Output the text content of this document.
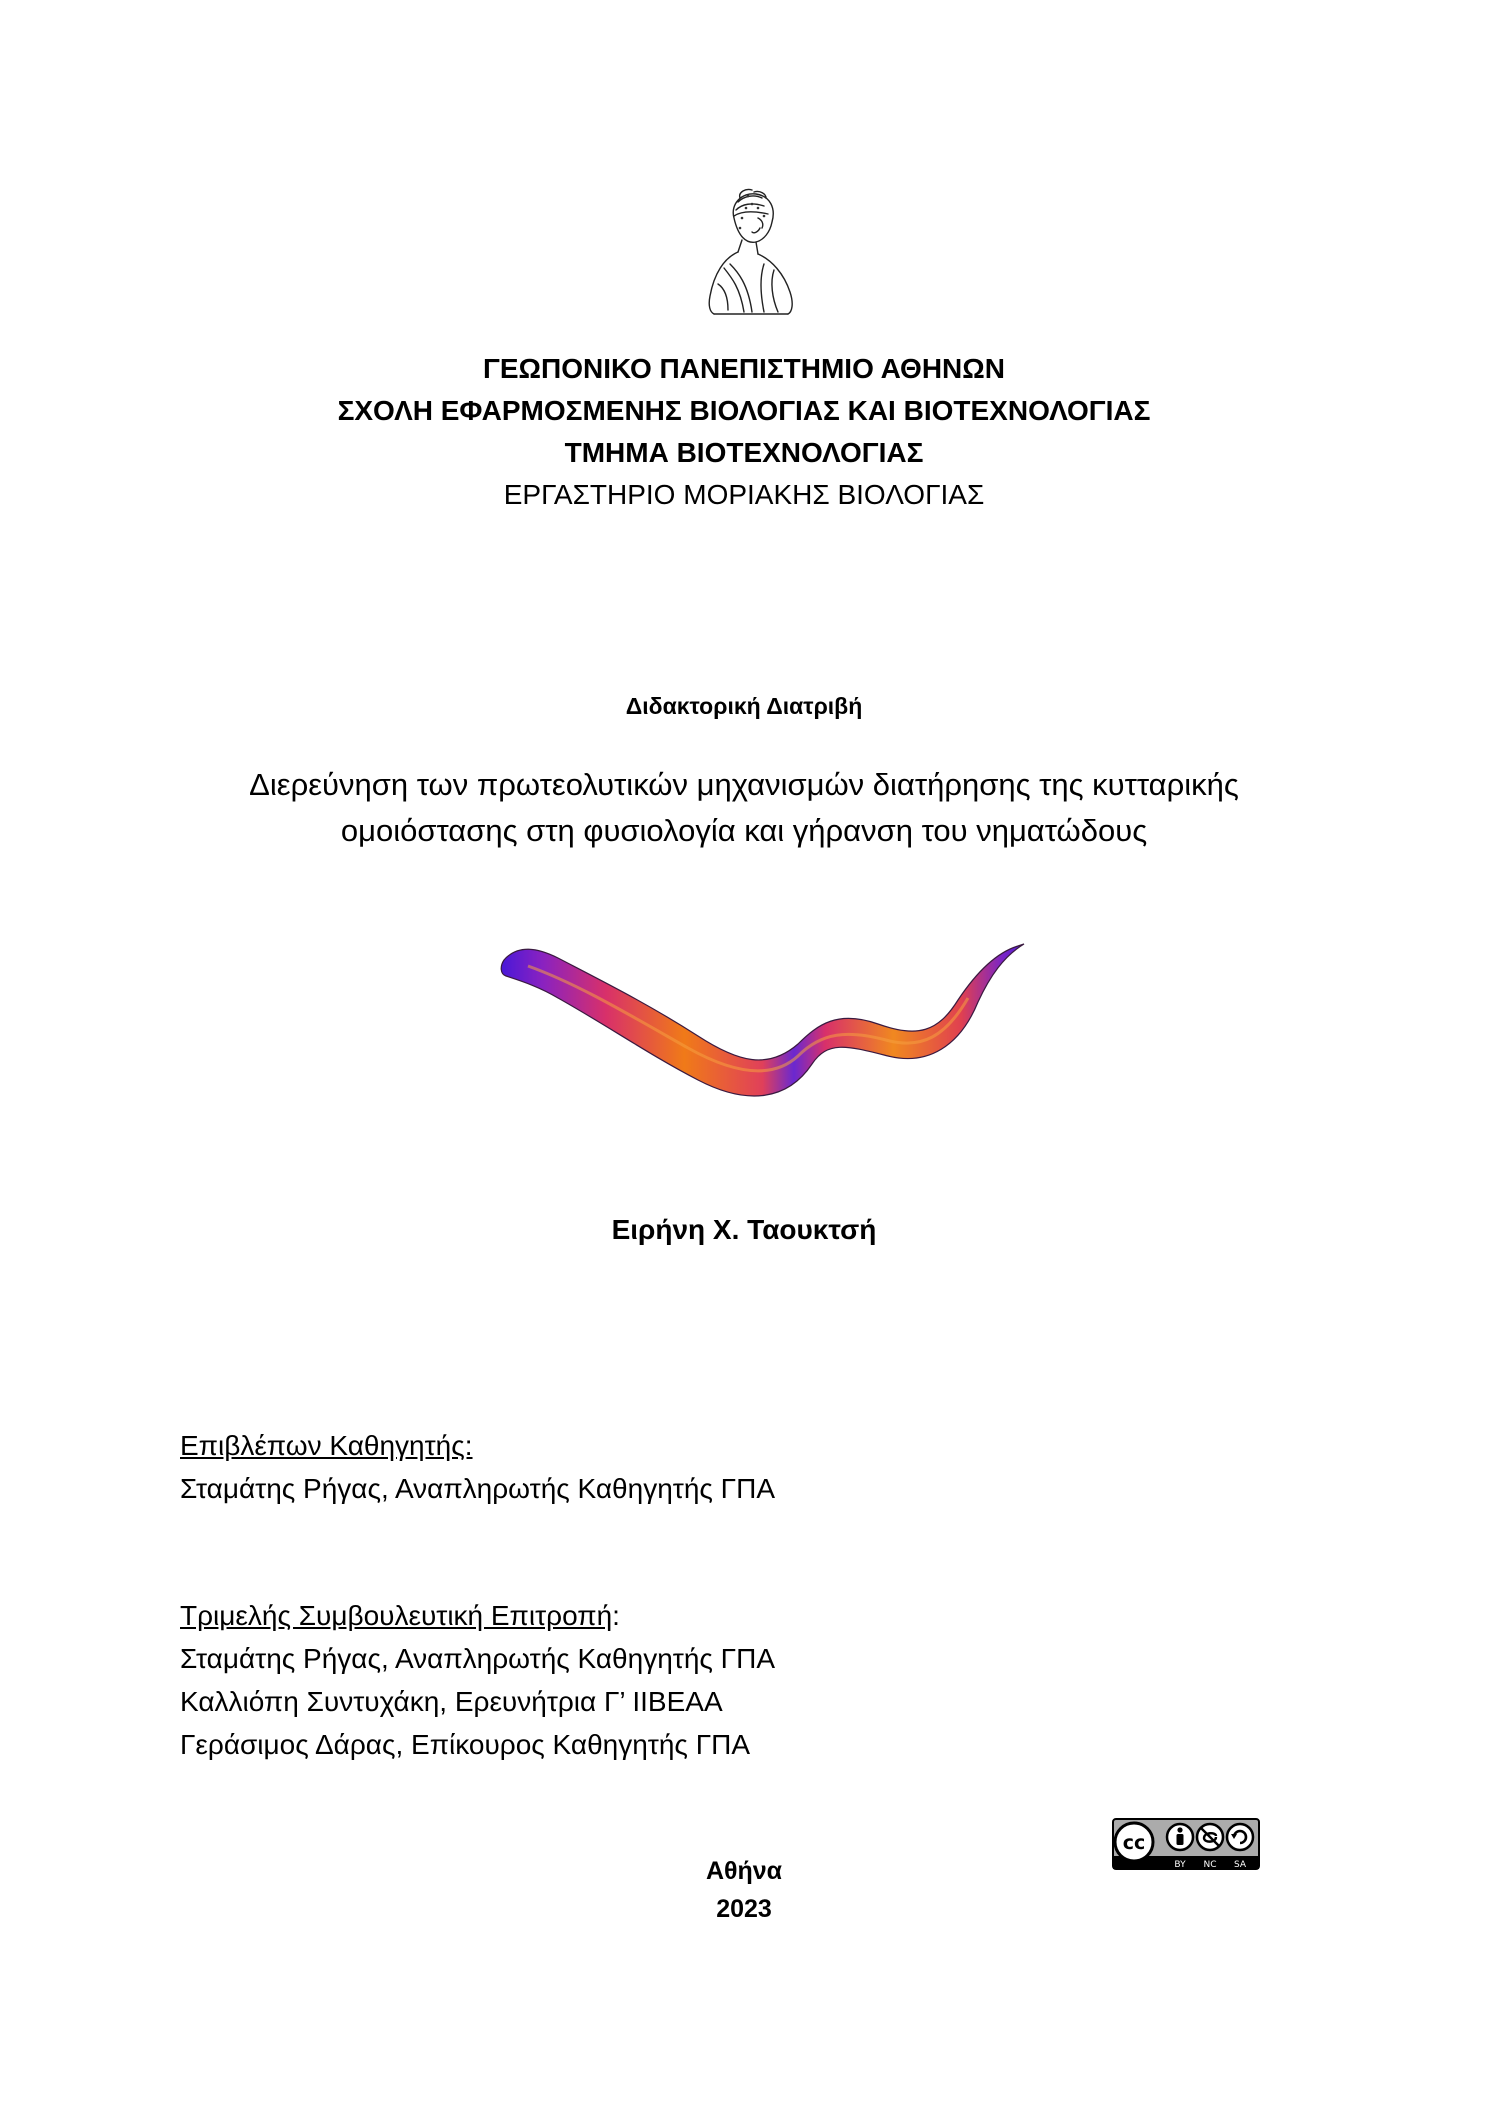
ΓΕΩΠΟΝΙΚΟ ΠΑΝΕΠΙΣΤΗΜΙΟ ΑΘΗΝΩΝ
ΣΧΟΛΗ ΕΦΑΡΜΟΣΜΕΝΗΣ ΒΙΟΛΟΓΙΑΣ ΚΑΙ ΒΙΟΤΕΧΝΟΛΟΓΙΑΣ
ΤΜΗΜΑ ΒΙΟΤΕΧΝΟΛΟΓΙΑΣ
ΕΡΓΑΣΤΗΡΙΟ ΜΟΡΙΑΚΗΣ ΒΙΟΛΟΓΙΑΣ
Διδακτορική Διατριβή
Διερεύνηση των πρωτεολυτικών μηχανισμών διατήρησης της κυτταρικής
ομοιόστασης στη φυσιολογία και γήρανση του νηματώδους
Ειρήνη Χ. Ταουκτσή
Επιβλέπων Καθηγητής:
Σταμάτης Ρήγας, Αναπληρωτής Καθηγητής ΓΠΑ
Τριμελής Συμβουλευτική Επιτροπή:
Σταμάτης Ρήγας, Αναπληρωτής Καθηγητής ΓΠΑ
Καλλιόπη Συντυχάκη, Ερευνήτρια Γ’ ΙΙΒΕΑΑ
Γεράσιμος Δάρας, Επίκουρος Καθηγητής ΓΠΑ
cc
BY NC SA
Αθήνα
2023
